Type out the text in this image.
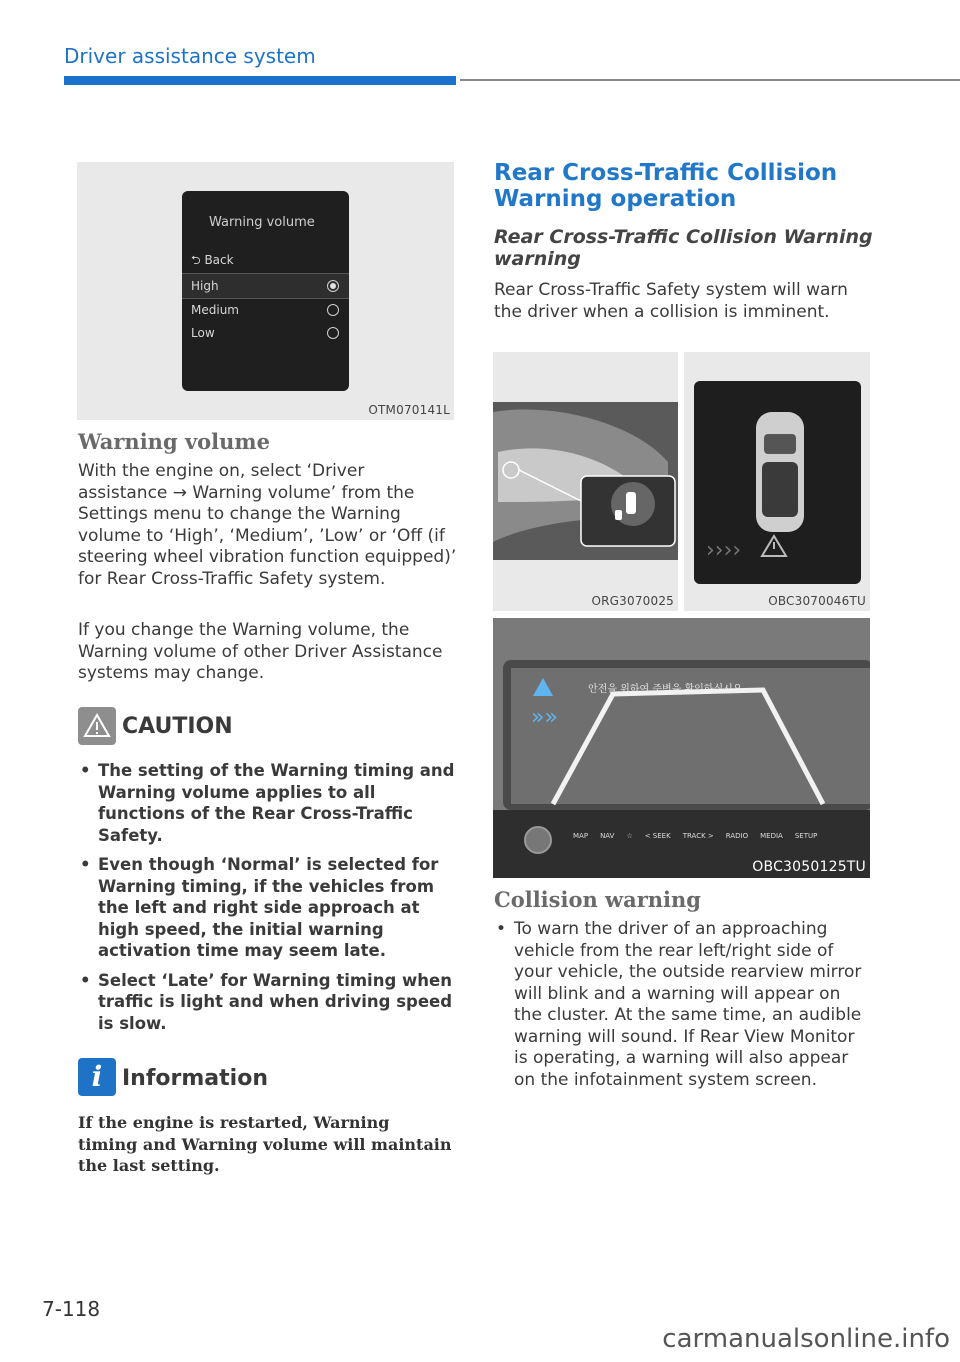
Driver assistance system
Warning volume
⮌ Back
High
Medium
Low
OTM070141L
Warning volume

With the engine on, select ‘Driver assistance → Warning volume’ from the Settings menu to change the Warning volume to ‘High’, ‘Medium’, ’Low’ or ‘Off (if steering wheel vibration function equipped)’ for Rear Cross-Traffic Safety system.

If you change the Warning volume, the Warning volume of other Driver Assistance systems may change.

CAUTION
• The setting of the Warning timing and Warning volume applies to all functions of the Rear Cross-Traffic Safety.
• Even though ‘Normal’ is selected for Warning timing, if the vehicles from the left and right side approach at high speed, the initial warning activation time may seem late.
• Select ‘Late’ for Warning timing when traffic is light and when driving speed is slow.
i Information

If the engine is restarted, Warning timing and Warning volume will maintain the last setting.

Rear Cross-Traffic Collision Warning operation
Rear Cross-Traffic Collision Warning warning

Rear Cross-Traffic Safety system will warn the driver when a collision is imminent.

ORG3070025
››››
OBC3070046TU
»»
안전을 위하여 주변을 확인하십시오
MAP NAV ☆ < SEEK TRACK > RADIO MEDIA SETUP
OBC3050125TU
Collision warning
• To warn the driver of an approaching vehicle from the rear left/right side of your vehicle, the outside rearview mirror will blink and a warning will appear on the cluster. At the same time, an audible warning will sound. If Rear View Monitor is operating, a warning will also appear on the infotainment system screen.
7-118
carmanualsonline.info
